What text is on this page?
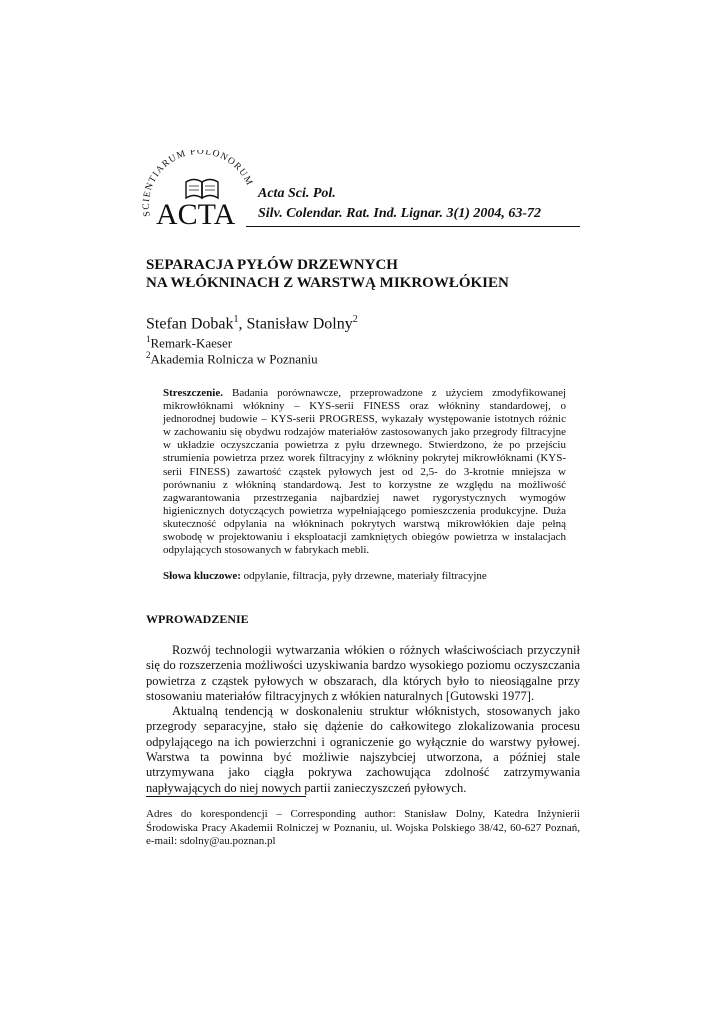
SCIENTIARUM POLONORUM
ACTA
Acta Sci. Pol.
Silv. Colendar. Rat. Ind. Lignar. 3(1) 2004, 63-72
SEPARACJA PYŁÓW DRZEWNYCH
NA WŁÓKNINACH Z WARSTWĄ MIKROWŁÓKIEN
Stefan Dobak$^1$, Stanisław Dolny$^2$
$^1$Remark-Kaeser
$^2$Akademia Rolnicza w Poznaniu
Streszczenie. Badania porównawcze, przeprowadzone z użyciem zmodyfikowanej mikrowłóknami włókniny – KYS-serii FINESS oraz włókniny standardowej, o jednorodnej budowie – KYS-serii PROGRESS, wykazały występowanie istotnych różnic w zachowaniu się obydwu rodzajów materiałów zastosowanych jako przegrody filtracyjne w układzie oczyszczania powietrza z pyłu drzewnego. Stwierdzono, że po przejściu strumienia powietrza przez worek filtracyjny z włókniny pokrytej mikrowłóknami (KYS-serii FINESS) zawartość cząstek pyłowych jest od 2,5- do 3-krotnie mniejsza w porównaniu z włókniną standardową. Jest to korzystne ze względu na możliwość zagwarantowania przestrzegania najbardziej nawet rygorystycznych wymogów higienicznych dotyczących powietrza wypełniającego pomieszczenia produkcyjne. Duża skuteczność odpylania na włókninach pokrytych warstwą mikrowłókien daje pełną swobodę w projektowaniu i eksploatacji zamkniętych obiegów powietrza w instalacjach odpylających stosowanych w fabrykach mebli.
Słowa kluczowe: odpylanie, filtracja, pyły drzewne, materiały filtracyjne
WPROWADZENIE

Rozwój technologii wytwarzania włókien o różnych właściwościach przyczynił się do rozszerzenia możliwości uzyskiwania bardzo wysokiego poziomu oczyszczania powietrza z cząstek pyłowych w obszarach, dla których było to nieosiągalne przy stosowaniu materiałów filtracyjnych z włókien naturalnych [Gutowski 1977].

Aktualną tendencją w doskonaleniu struktur włóknistych, stosowanych jako przegrody separacyjne, stało się dążenie do całkowitego zlokalizowania procesu odpylającego na ich powierzchni i ograniczenie go wyłącznie do warstwy pyłowej. Warstwa ta powinna być możliwie najszybciej utworzona, a później stale utrzymywana jako ciągła pokrywa zachowująca zdolność zatrzymywania napływających do niej nowych partii zanieczyszczeń pyłowych.

Adres do korespondencji – Corresponding author: Stanisław Dolny, Katedra Inżynierii Środowiska Pracy Akademii Rolniczej w Poznaniu, ul. Wojska Polskiego 38/42, 60-627 Poznań, e-mail: sdolny@au.poznan.pl
